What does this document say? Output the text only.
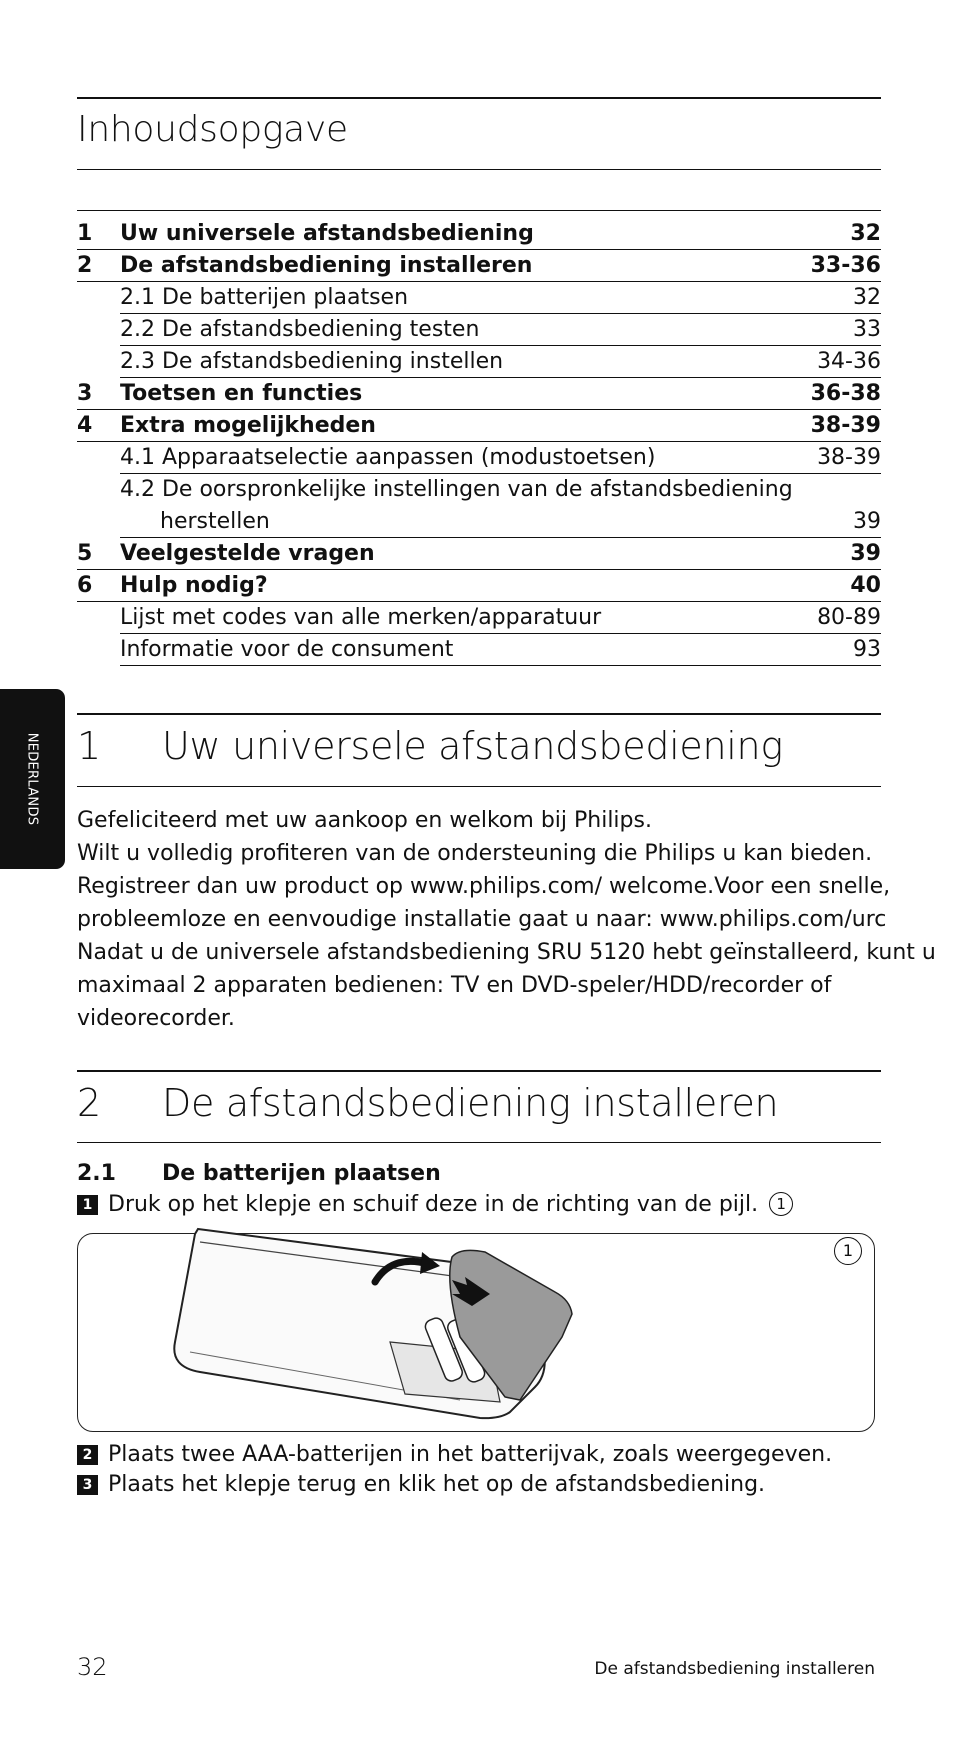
Inhoudsopgave
1 Uw universele afstandsbediening	32
2 De afstandsbediening installeren	33-36
2.1 De batterijen plaatsen	32
2.2 De afstandsbediening testen	33
2.3 De afstandsbediening instellen	34-36
3 Toetsen en functies	36-38
4 Extra mogelijkheden	38-39
4.1 Apparaatselectie aanpassen (modustoetsen)	38-39
4.2 De oorspronkelijke instellingen van de afstandsbediening
herstellen	39
5 Veelgestelde vragen	39
6 Hulp nodig?	40
Lijst met codes van alle merken/apparatuur	80-89
Informatie voor de consument	93
NEDERLANDS 1 Uw universele afstandsbediening
Gefeliciteerd met uw aankoop en welkom bij Philips.
Wilt u volledig profiteren van de ondersteuning die Philips u kan bieden.
Registreer dan uw product op www.philips.com/ welcome.Voor een snelle,
probleemloze en eenvoudige installatie gaat u naar: www.philips.com/urc
Nadat u de universele afstandsbediening SRU 5120 hebt geïnstalleerd, kunt u
maximaal 2 apparaten bedienen: TV en DVD-speler/HDD/recorder of
videorecorder.
2 De afstandsbediening installeren
2.1 De batterijen plaatsen
1 Druk op het klepje en schuif deze in de richting van de pijl. 1
1
2 Plaats twee AAA-batterijen in het batterijvak, zoals weergegeven.
3 Plaats het klepje terug en klik het op de afstandsbediening.
32	De afstandsbediening installeren
